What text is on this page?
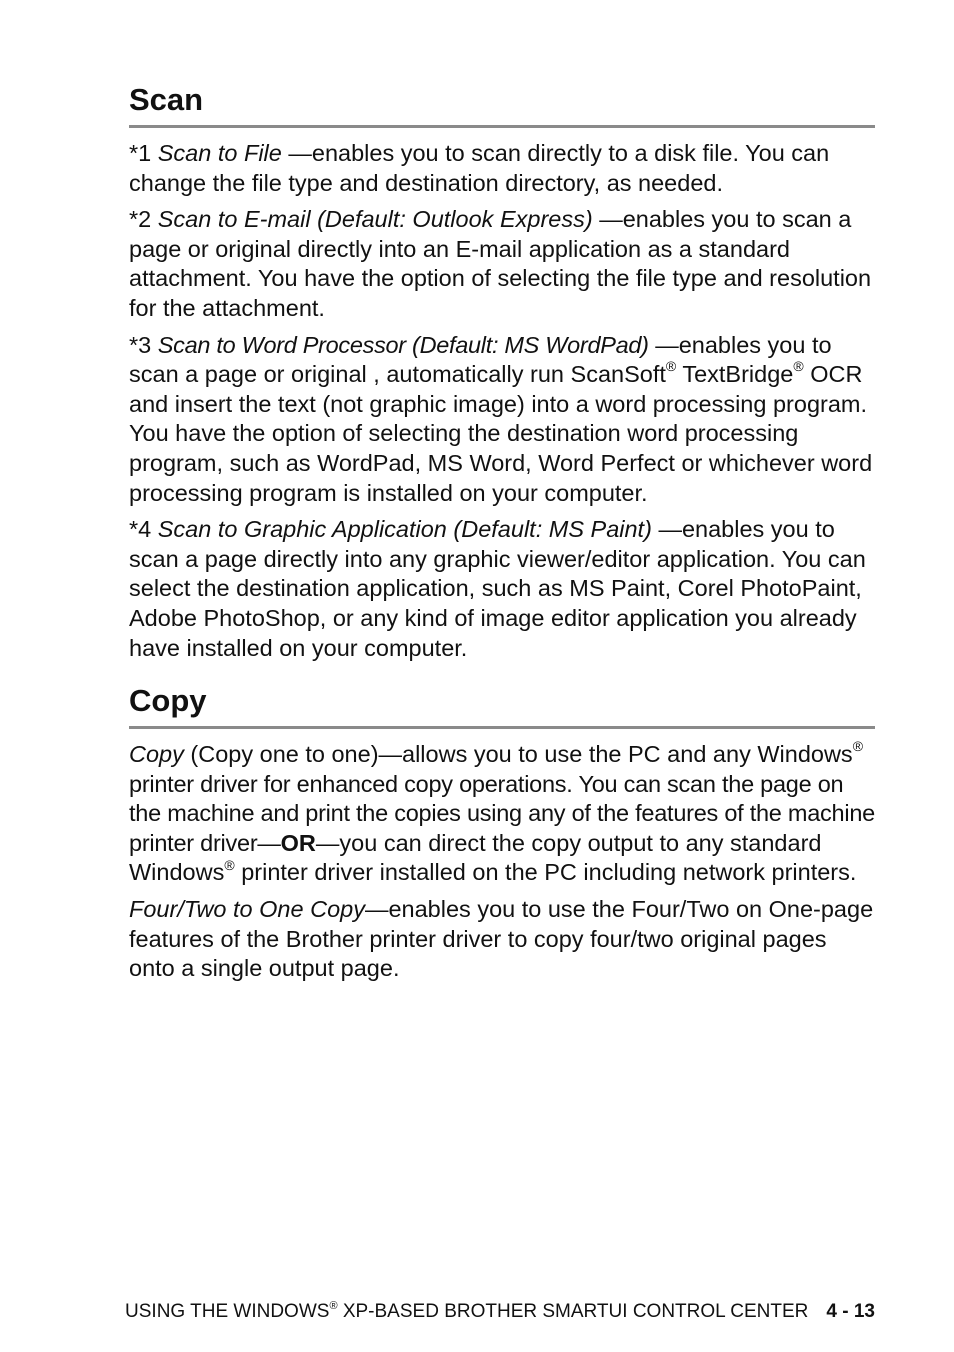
Scan

*1 Scan to File —enables you to scan directly to a disk file. You can change the file type and destination directory, as needed.

*2 Scan to E-mail (Default: Outlook Express) —enables you to scan a page or original directly into an E-mail application as a standard attachment. You have the option of selecting the file type and resolution for the attachment.

*3 Scan to Word Processor (Default: MS WordPad) —enables you to scan a page or original , automatically run ScanSoft® TextBridge® OCR and insert the text (not graphic image) into a word processing program. You have the option of selecting the destination word processing program, such as WordPad, MS Word, Word Perfect or whichever word processing program is installed on your computer.

*4 Scan to Graphic Application (Default: MS Paint) —enables you to scan a page directly into any graphic viewer/editor application. You can select the destination application, such as MS Paint, Corel PhotoPaint, Adobe PhotoShop, or any kind of image editor application you already have installed on your computer.

Copy

Copy (Copy one to one)—allows you to use the PC and any Windows® printer driver for enhanced copy operations. You can scan the page on the machine and print the copies using any of the features of the machine printer driver—OR—you can direct the copy output to any standard Windows® printer driver installed on the PC including network printers.

Four/Two to One Copy—enables you to use the Four/Two on One-page features of the Brother printer driver to copy four/two original pages onto a single output page.

USING THE WINDOWS® XP-BASED BROTHER SMARTUI CONTROL CENTER 4 - 13
